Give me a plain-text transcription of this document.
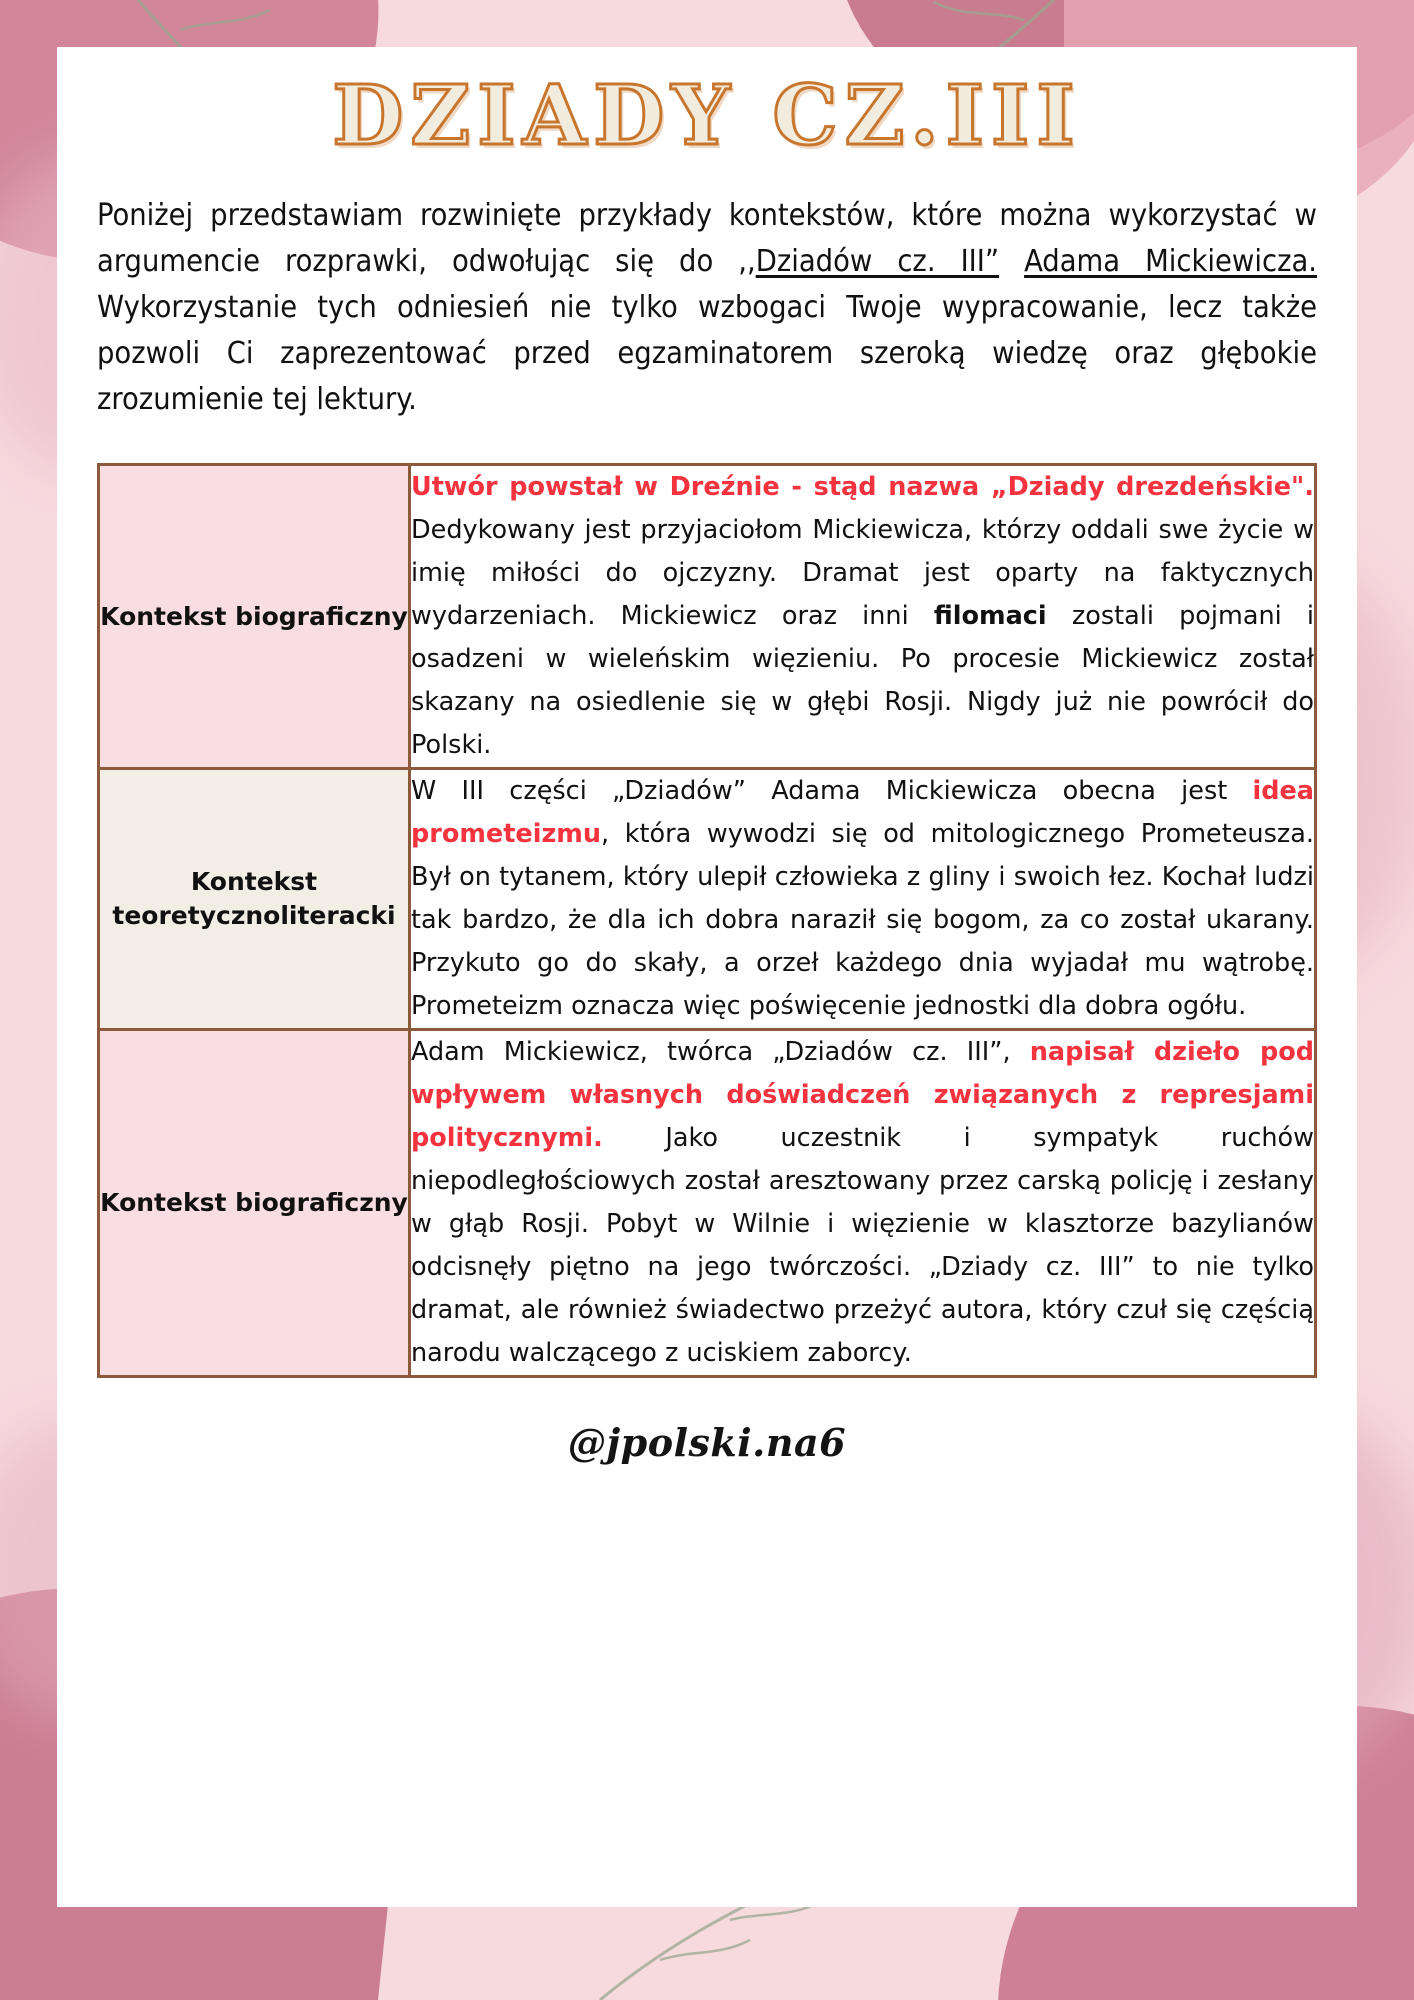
DZIADY CZ.III

Poniżej przedstawiam rozwinięte przykłady kontekstów, które można wykorzystać w argumencie rozprawki, odwołując się do ,,Dziadów cz. III” Adama Mickiewicza. Wykorzystanie tych odniesień nie tylko wzbogaci Twoje wypracowanie, lecz także pozwoli Ci zaprezentować przed egzaminatorem szeroką wiedzę oraz głębokie zrozumienie tej lektury.

Kontekst biograficzny	Utwór powstał w Dreźnie - stąd nazwa „Dziady drezdeńskie". Dedykowany jest przyjaciołom Mickiewicza, którzy oddali swe życie w imię miłości do ojczyzny. Dramat jest oparty na faktycznych wydarzeniach. Mickiewicz oraz inni filomaci zostali pojmani i osadzeni w wieleńskim więzieniu. Po procesie Mickiewicz został skazany na osiedlenie się w głębi Rosji. Nigdy już nie powrócił do Polski.

Kontekst
teoretycznoliteracki	W III części „Dziadów” Adama Mickiewicza obecna jest idea prometeizmu, która wywodzi się od mitologicznego Prometeusza. Był on tytanem, który ulepił człowieka z gliny i swoich łez. Kochał ludzi tak bardzo, że dla ich dobra naraził się bogom, za co został ukarany. Przykuto go do skały, a orzeł każdego dnia wyjadał mu wątrobę. Prometeizm oznacza więc poświęcenie jednostki dla dobra ogółu.

Kontekst biograficzny	Adam Mickiewicz, twórca „Dziadów cz. III”, napisał dzieło pod wpływem własnych doświadczeń związanych z represjami politycznymi. Jako uczestnik i sympatyk ruchów niepodległościowych został aresztowany przez carską policję i zesłany w głąb Rosji. Pobyt w Wilnie i więzienie w klasztorze bazylianów odcisnęły piętno na jego twórczości. „Dziady cz. III” to nie tylko dramat, ale również świadectwo przeżyć autora, który czuł się częścią narodu walczącego z uciskiem zaborcy.
@jpolski.na6
